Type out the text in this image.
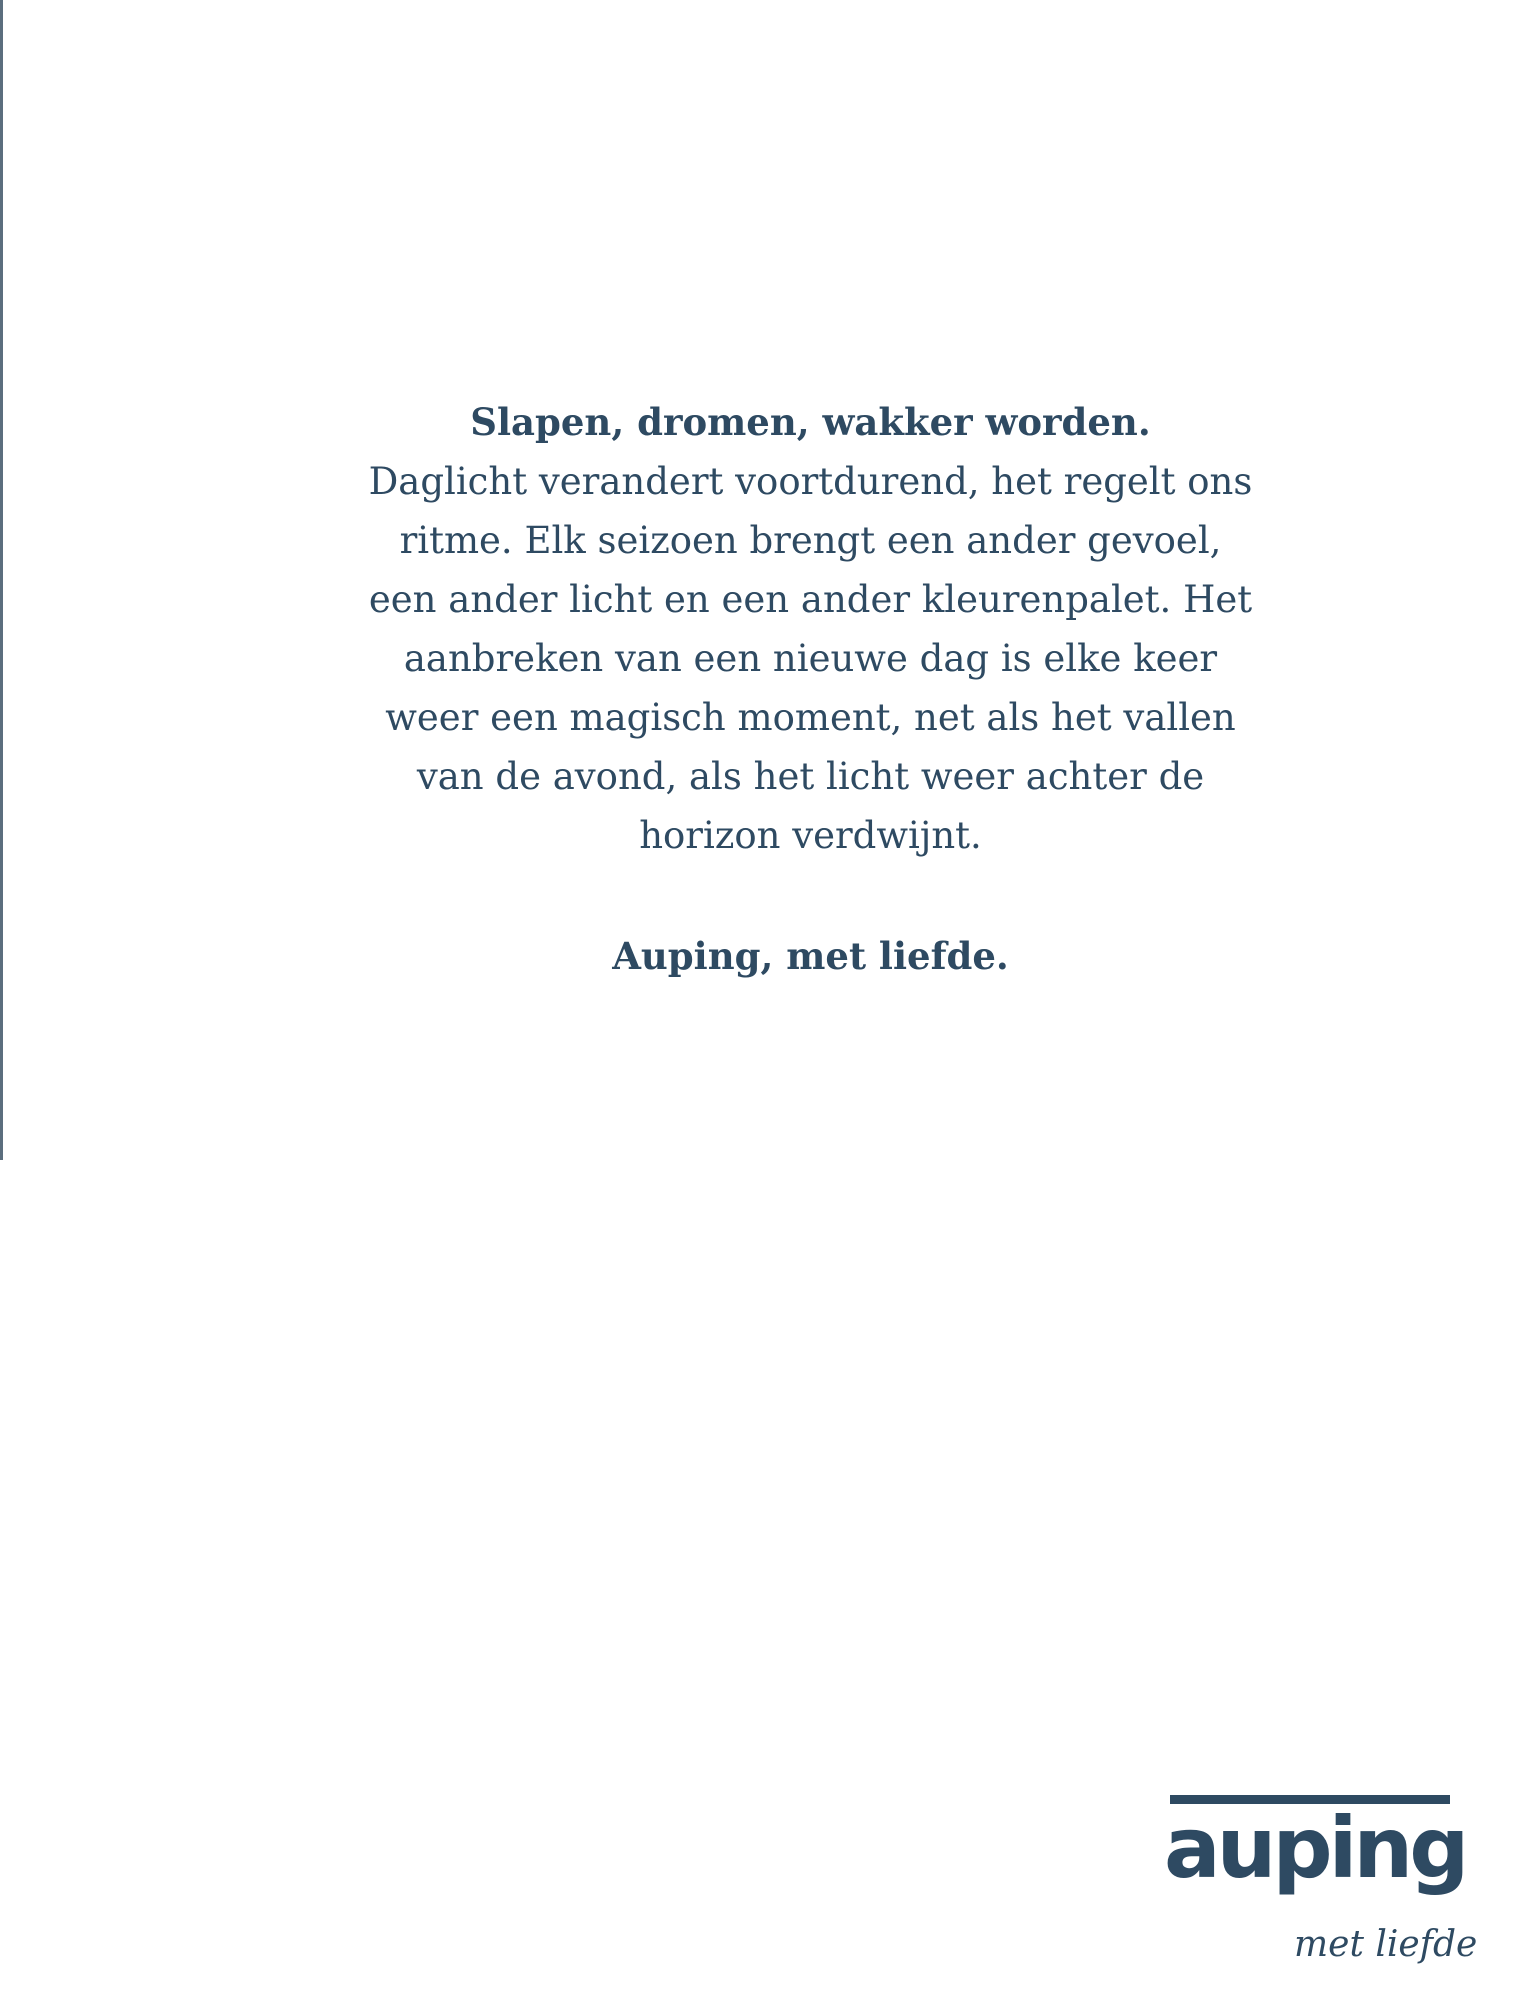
Slapen, dromen, wakker worden.

Daglicht verandert voortdurend, het regelt ons

ritme. Elk seizoen brengt een ander gevoel,

een ander licht en een ander kleurenpalet. Het

aanbreken van een nieuwe dag is elke keer

weer een magisch moment, net als het vallen

van de avond, als het licht weer achter de

horizon verdwijnt.

Auping, met liefde.

auping
met liefde
